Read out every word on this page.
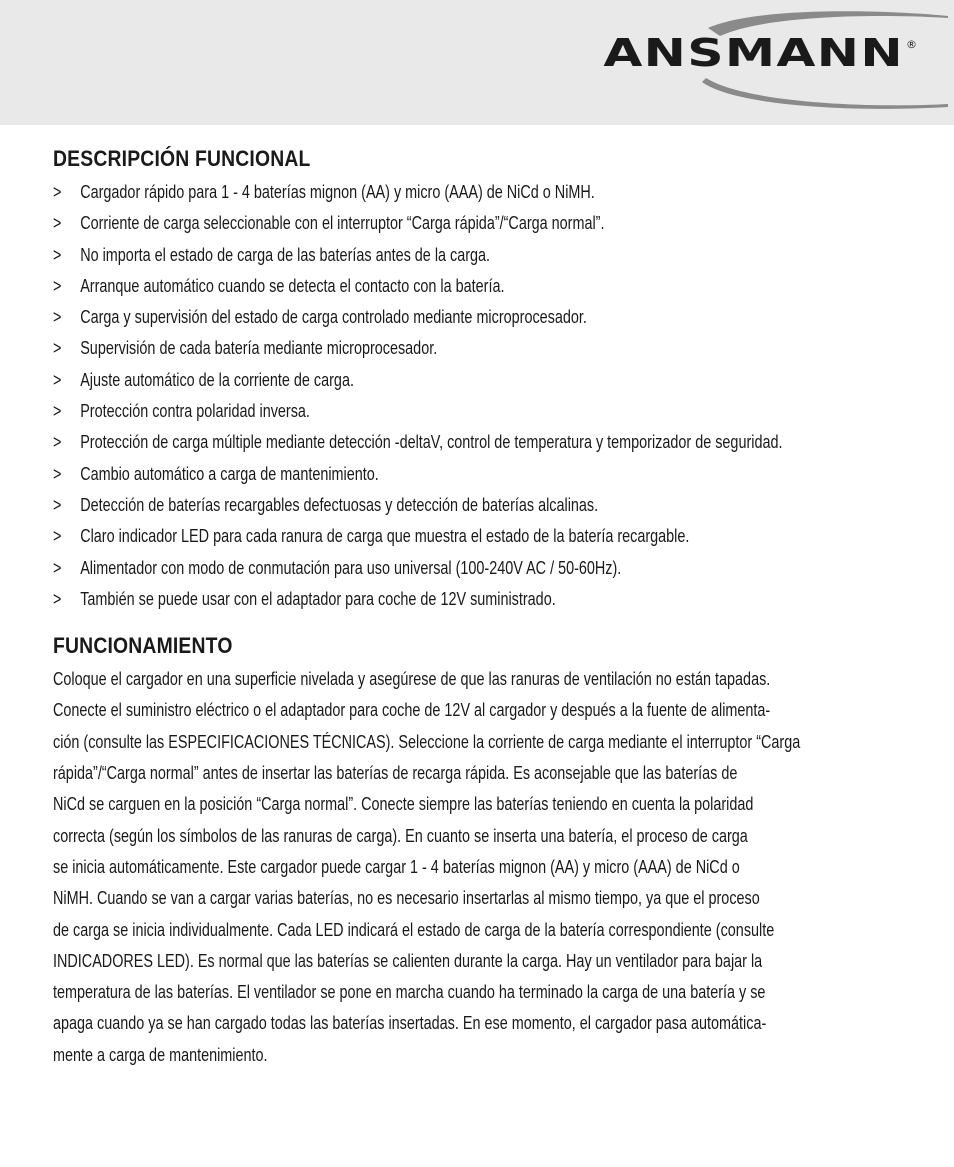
ANSMANN ®
DESCRIPCIÓN FUNCIONAL
> Cargador rápido para 1 - 4 baterías mignon (AA) y micro (AAA) de NiCd o NiMH.
> Corriente de carga seleccionable con el interruptor “Carga rápida”/“Carga normal”.
> No importa el estado de carga de las baterías antes de la carga.
> Arranque automático cuando se detecta el contacto con la batería.
> Carga y supervisión del estado de carga controlado mediante microprocesador.
> Supervisión de cada batería mediante microprocesador.
> Ajuste automático de la corriente de carga.
> Protección contra polaridad inversa.
> Protección de carga múltiple mediante detección -deltaV, control de temperatura y temporizador de seguridad.
> Cambio automático a carga de mantenimiento.
> Detección de baterías recargables defectuosas y detección de baterías alcalinas.
> Claro indicador LED para cada ranura de carga que muestra el estado de la batería recargable.
> Alimentador con modo de conmutación para uso universal (100-240V AC / 50-60Hz).
> También se puede usar con el adaptador para coche de 12V suministrado.
FUNCIONAMIENTO

Coloque el cargador en una superficie nivelada y asegúrese de que las ranuras de ventilación no están tapadas.
Conecte el suministro eléctrico o el adaptador para coche de 12V al cargador y después a la fuente de alimenta-
ción (consulte las ESPECIFICACIONES TÉCNICAS). Seleccione la corriente de carga mediante el interruptor “Carga
rápida”/“Carga normal” antes de insertar las baterías de recarga rápida. Es aconsejable que las baterías de
NiCd se carguen en la posición “Carga normal”. Conecte siempre las baterías teniendo en cuenta la polaridad
correcta (según los símbolos de las ranuras de carga). En cuanto se inserta una batería, el proceso de carga
se inicia automáticamente. Este cargador puede cargar 1 - 4 baterías mignon (AA) y micro (AAA) de NiCd o
NiMH. Cuando se van a cargar varias baterías, no es necesario insertarlas al mismo tiempo, ya que el proceso
de carga se inicia individualmente. Cada LED indicará el estado de carga de la batería correspondiente (consulte
INDICADORES LED). Es normal que las baterías se calienten durante la carga. Hay un ventilador para bajar la
temperatura de las baterías. El ventilador se pone en marcha cuando ha terminado la carga de una batería y se
apaga cuando ya se han cargado todas las baterías insertadas. En ese momento, el cargador pasa automática-
mente a carga de mantenimiento.
